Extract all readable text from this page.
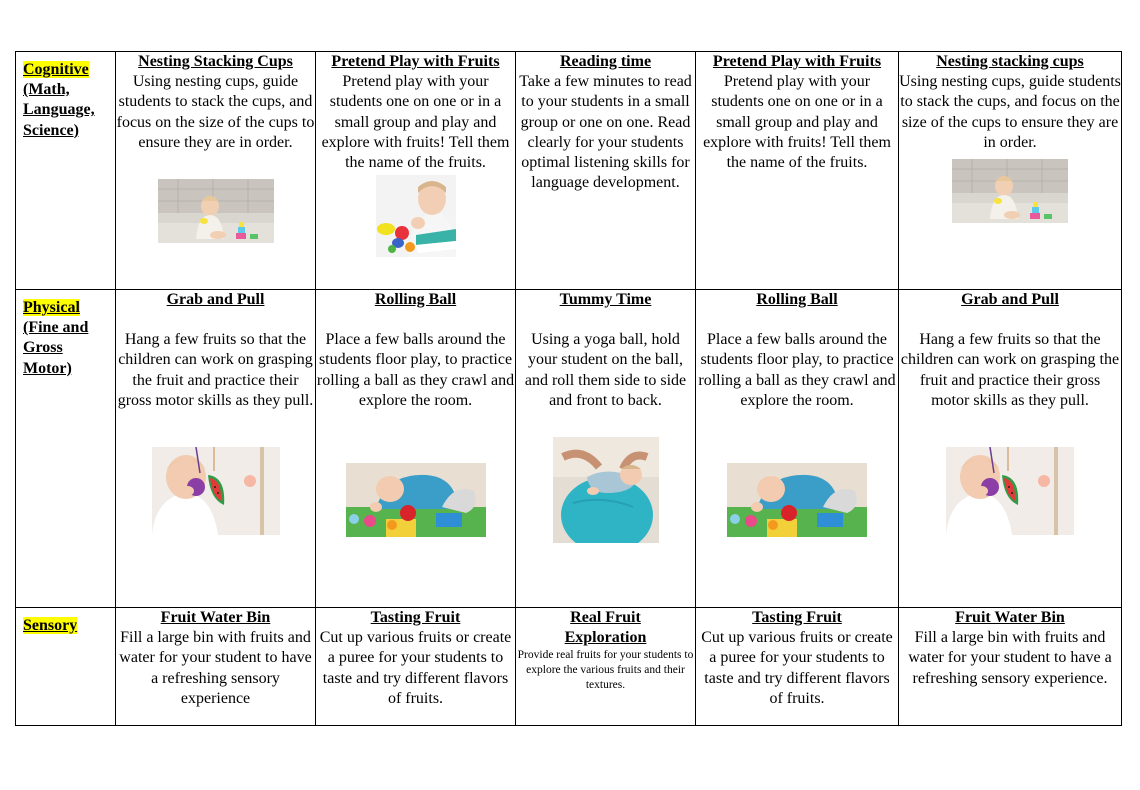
Cognitive
(Math,
Language,
Science)	Nesting Stacking Cups
Using nesting cups, guide students to stack the cups, and focus on the size of the cups to ensure they are in order.	Pretend Play with Fruits
Pretend play with your students one on one or in a small group and play and explore with fruits! Tell them the name of the fruits.	Reading time
Take a few minutes to read to your students in a small group or one on one. Read clearly for your students optimal listening skills for language development.	Pretend Play with Fruits
Pretend play with your students one on one or in a small group and play and explore with fruits! Tell them the name of the fruits.	Nesting stacking cups
Using nesting cups, guide students to stack the cups, and focus on the size of the cups to ensure they are in order.

Physical
(Fine and
Gross
Motor)	Grab and Pull
Hang a few fruits so that the children can work on grasping the fruit and practice their gross motor skills as they pull.	Rolling Ball
Place a few balls around the students floor play, to practice rolling a ball as they crawl and explore the room.	Tummy Time
Using a yoga ball, hold your student on the ball, and roll them side to side and front to back.	Rolling Ball
Place a few balls around the students floor play, to practice rolling a ball as they crawl and explore the room.	Grab and Pull
Hang a few fruits so that the children can work on grasping the fruit and practice their gross motor skills as they pull.

Sensory	Fruit Water Bin
Fill a large bin with fruits and water for your student to have a refreshing sensory experience	Tasting Fruit
Cut up various fruits or create a puree for your students to taste and try different flavors of fruits.	Real Fruit Exploration
Provide real fruits for your students to explore the various fruits and their textures.	Tasting Fruit
Cut up various fruits or create a puree for your students to taste and try different flavors of fruits.	Fruit Water Bin
Fill a large bin with fruits and water for your student to have a refreshing sensory experience.
